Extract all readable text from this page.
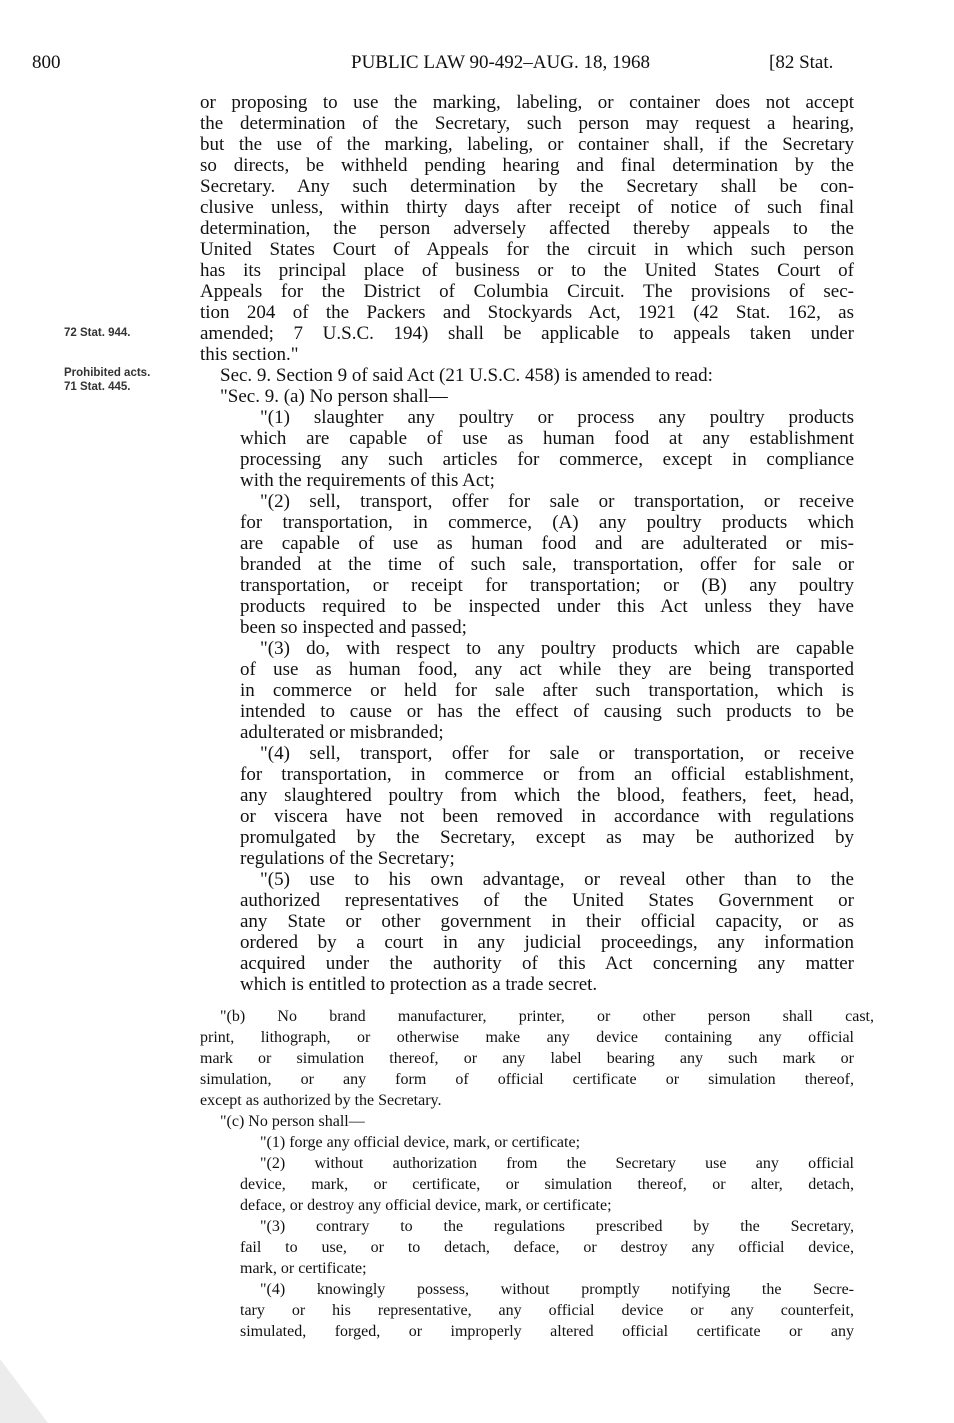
800	PUBLIC LAW 90-492–AUG. 18, 1968	[82 Stat.
72 Stat. 944.
Prohibited acts.
71 Stat. 445.
or proposing to use the marking, labeling, or container does not accept
the determination of the Secretary, such person may request a hearing,
but the use of the marking, labeling, or container shall, if the Secretary
so directs, be withheld pending hearing and final determination by the
Secretary. Any such determination by the Secretary shall be con-
clusive unless, within thirty days after receipt of notice of such final
determination, the person adversely affected thereby appeals to the
United States Court of Appeals for the circuit in which such person
has its principal place of business or to the United States Court of
Appeals for the District of Columbia Circuit. The provisions of sec-
tion 204 of the Packers and Stockyards Act, 1921 (42 Stat. 162, as
amended; 7 U.S.C. 194) shall be applicable to appeals taken under
this section."
Sec. 9. Section 9 of said Act (21 U.S.C. 458) is amended to read:
"Sec. 9. (a) No person shall—
"(1) slaughter any poultry or process any poultry products
which are capable of use as human food at any establishment
processing any such articles for commerce, except in compliance
with the requirements of this Act;
"(2) sell, transport, offer for sale or transportation, or receive
for transportation, in commerce, (A) any poultry products which
are capable of use as human food and are adulterated or mis-
branded at the time of such sale, transportation, offer for sale or
transportation, or receipt for transportation; or (B) any poultry
products required to be inspected under this Act unless they have
been so inspected and passed;
"(3) do, with respect to any poultry products which are capable
of use as human food, any act while they are being transported
in commerce or held for sale after such transportation, which is
intended to cause or has the effect of causing such products to be
adulterated or misbranded;
"(4) sell, transport, offer for sale or transportation, or receive
for transportation, in commerce or from an official establishment,
any slaughtered poultry from which the blood, feathers, feet, head,
or viscera have not been removed in accordance with regulations
promulgated by the Secretary, except as may be authorized by
regulations of the Secretary;
"(5) use to his own advantage, or reveal other than to the
authorized representatives of the United States Government or
any State or other government in their official capacity, or as
ordered by a court in any judicial proceedings, any information
acquired under the authority of this Act concerning any matter
which is entitled to protection as a trade secret.
"(b) No brand manufacturer, printer, or other person shall cast,
print, lithograph, or otherwise make any device containing any official
mark or simulation thereof, or any label bearing any such mark or
simulation, or any form of official certificate or simulation thereof,
except as authorized by the Secretary.
"(c) No person shall—
"(1) forge any official device, mark, or certificate;
"(2) without authorization from the Secretary use any official
device, mark, or certificate, or simulation thereof, or alter, detach,
deface, or destroy any official device, mark, or certificate;
"(3) contrary to the regulations prescribed by the Secretary,
fail to use, or to detach, deface, or destroy any official device,
mark, or certificate;
"(4) knowingly possess, without promptly notifying the Secre-
tary or his representative, any official device or any counterfeit,
simulated, forged, or improperly altered official certificate or any
